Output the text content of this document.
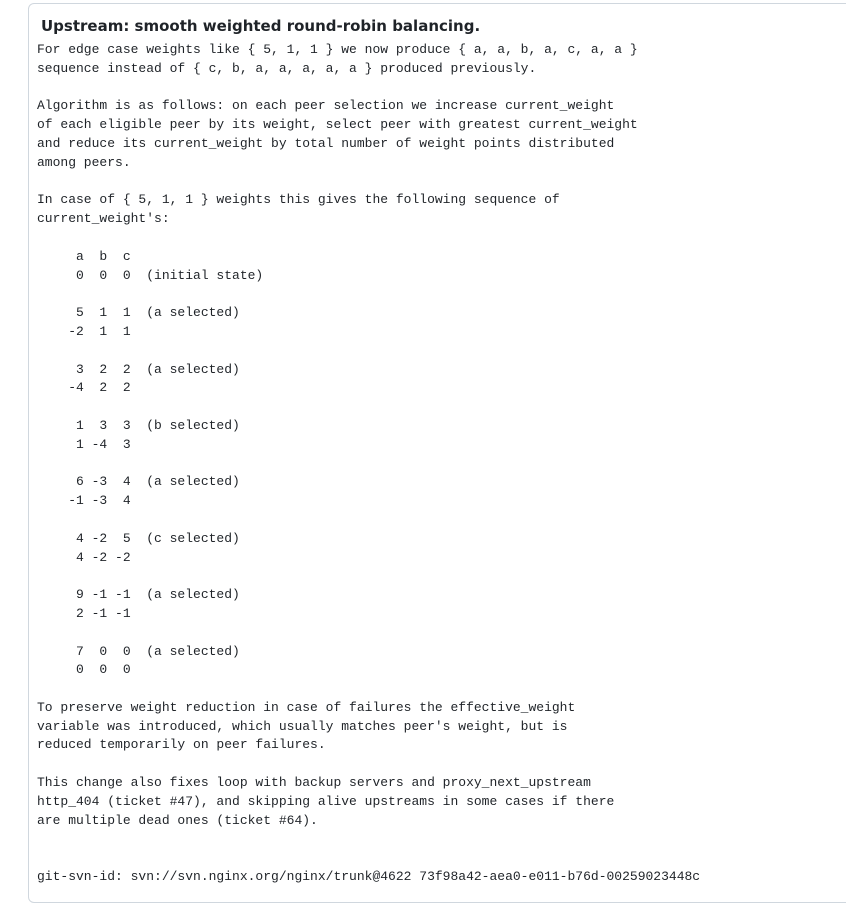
Upstream: smooth weighted round-robin balancing.

For edge case weights like { 5, 1, 1 } we now produce { a, a, b, a, c, a, a }
sequence instead of { c, b, a, a, a, a, a } produced previously.

Algorithm is as follows: on each peer selection we increase current_weight
of each eligible peer by its weight, select peer with greatest current_weight
and reduce its current_weight by total number of weight points distributed
among peers.

In case of { 5, 1, 1 } weights this gives the following sequence of
current_weight's:

a  b  c
0  0  0  (initial state)

5  1  1  (a selected)
-2  1  1

3  2  2  (a selected)
-4  2  2

1  3  3  (b selected)
1 -4  3

6 -3  4  (a selected)
-1 -3  4

4 -2  5  (c selected)
4 -2 -2

9 -1 -1  (a selected)
2 -1 -1

7  0  0  (a selected)
0  0  0

To preserve weight reduction in case of failures the effective_weight
variable was introduced, which usually matches peer's weight, but is
reduced temporarily on peer failures.

This change also fixes loop with backup servers and proxy_next_upstream
http_404 (ticket #47), and skipping alive upstreams in some cases if there
are multiple dead ones (ticket #64).

git-svn-id: svn://svn.nginx.org/nginx/trunk@4622 73f98a42-aea0-e011-b76d-00259023448c
